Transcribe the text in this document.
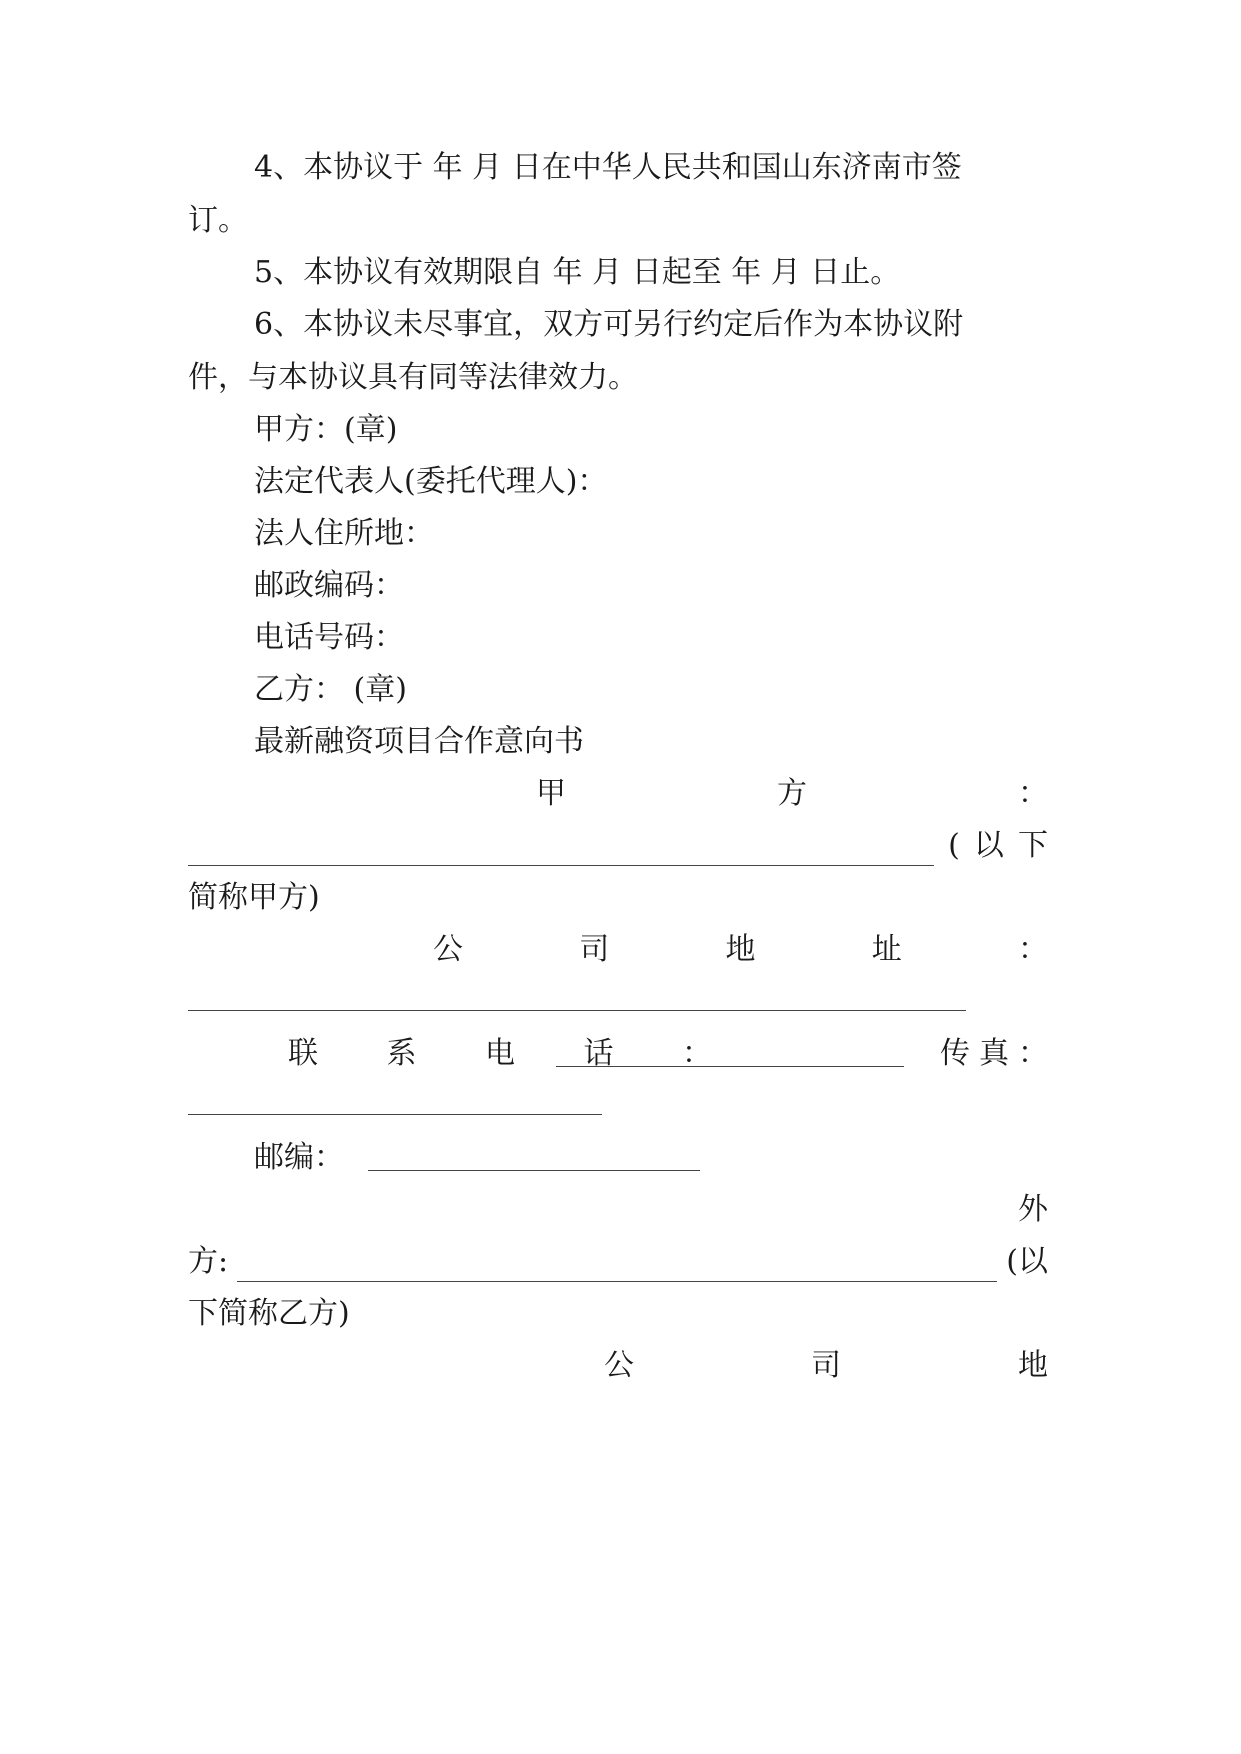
4、本协议于 年 月 日在中华人民共和国山东济南市签
订。
5、本协议有效期限自 年 月 日起至 年 月 日止。
6、本协议未尽事宜，双方可另行约定后作为本协议附
件，与本协议具有同等法律效力。
甲方：(章)
法定代表人(委托代理人)：
法人住所地：
邮政编码：
电话号码：
乙方： (章)
最新融资项目合作意向书
甲	方	：
( 以 下
简称甲方)
公	司	地	址	：
联 系 电 话 ：	传 真 ：
邮 编 ：
外
方:	(以
下简称乙方)
公	司	地
